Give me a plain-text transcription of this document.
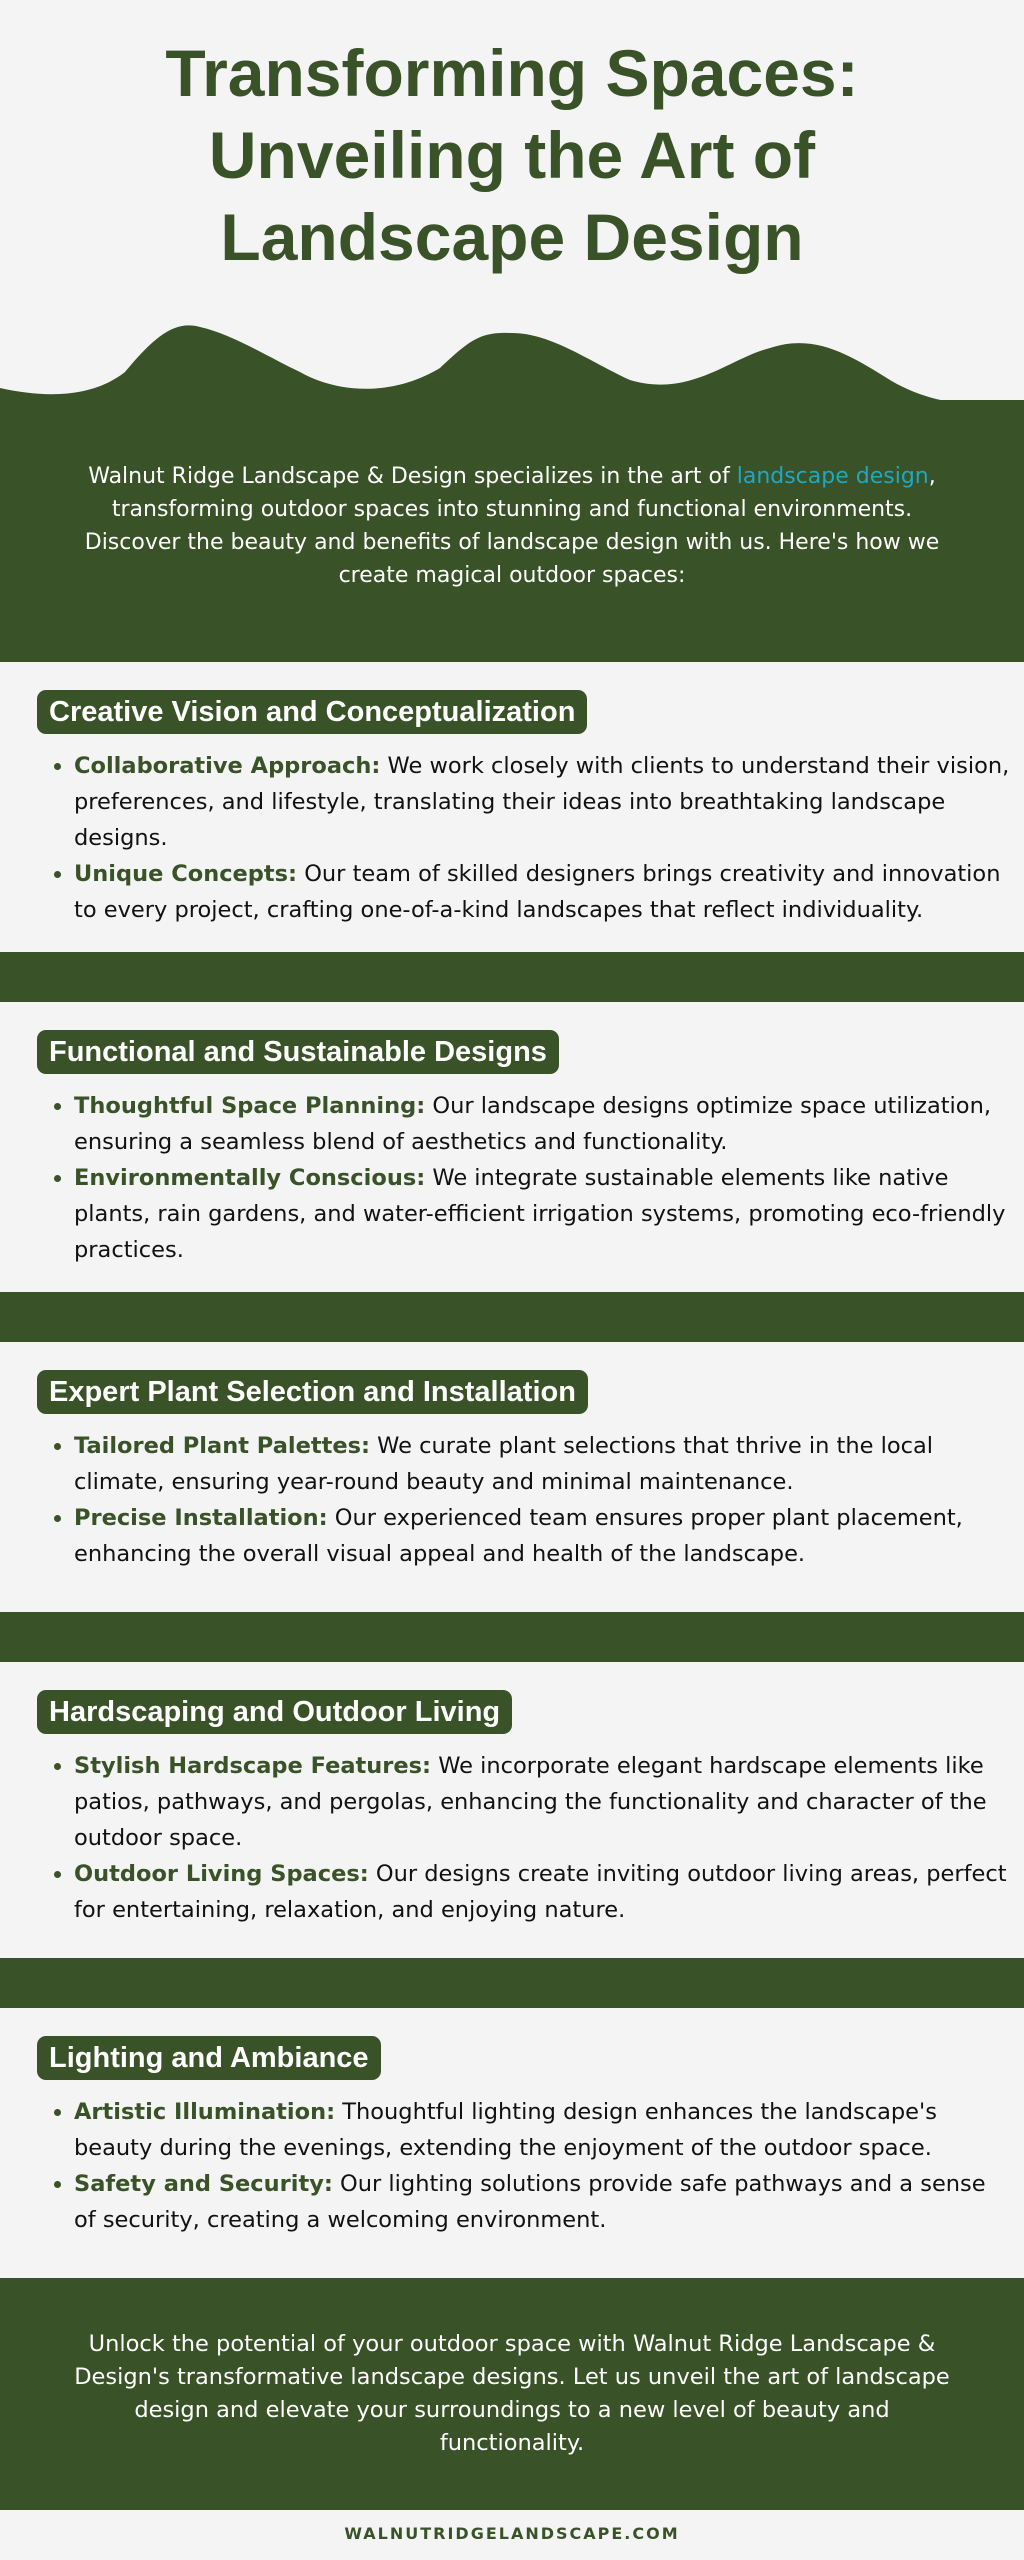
Transforming Spaces: Unveiling the Art of Landscape Design

Walnut Ridge Landscape & Design specializes in the art of landscape design, transforming outdoor spaces into stunning and functional environments. Discover the beauty and benefits of landscape design with us. Here's how we create magical outdoor spaces:

Creative Vision and Conceptualization
• Collaborative Approach: We work closely with clients to understand their vision, preferences, and lifestyle, translating their ideas into breathtaking landscape designs.
• Unique Concepts: Our team of skilled designers brings creativity and innovation to every project, crafting one-of-a-kind landscapes that reflect individuality.
Functional and Sustainable Designs
• Thoughtful Space Planning: Our landscape designs optimize space utilization, ensuring a seamless blend of aesthetics and functionality.
• Environmentally Conscious: We integrate sustainable elements like native plants, rain gardens, and water-efficient irrigation systems, promoting eco-friendly practices.
Expert Plant Selection and Installation
• Tailored Plant Palettes: We curate plant selections that thrive in the local climate, ensuring year-round beauty and minimal maintenance.
• Precise Installation: Our experienced team ensures proper plant placement, enhancing the overall visual appeal and health of the landscape.
Hardscaping and Outdoor Living
• Stylish Hardscape Features: We incorporate elegant hardscape elements like patios, pathways, and pergolas, enhancing the functionality and character of the outdoor space.
• Outdoor Living Spaces: Our designs create inviting outdoor living areas, perfect for entertaining, relaxation, and enjoying nature.
Lighting and Ambiance
• Artistic Illumination: Thoughtful lighting design enhances the landscape's beauty during the evenings, extending the enjoyment of the outdoor space.
• Safety and Security: Our lighting solutions provide safe pathways and a sense of security, creating a welcoming environment.

Unlock the potential of your outdoor space with Walnut Ridge Landscape & Design's transformative landscape designs. Let us unveil the art of landscape design and elevate your surroundings to a new level of beauty and functionality.

WALNUTRIDGELANDSCAPE.COM
